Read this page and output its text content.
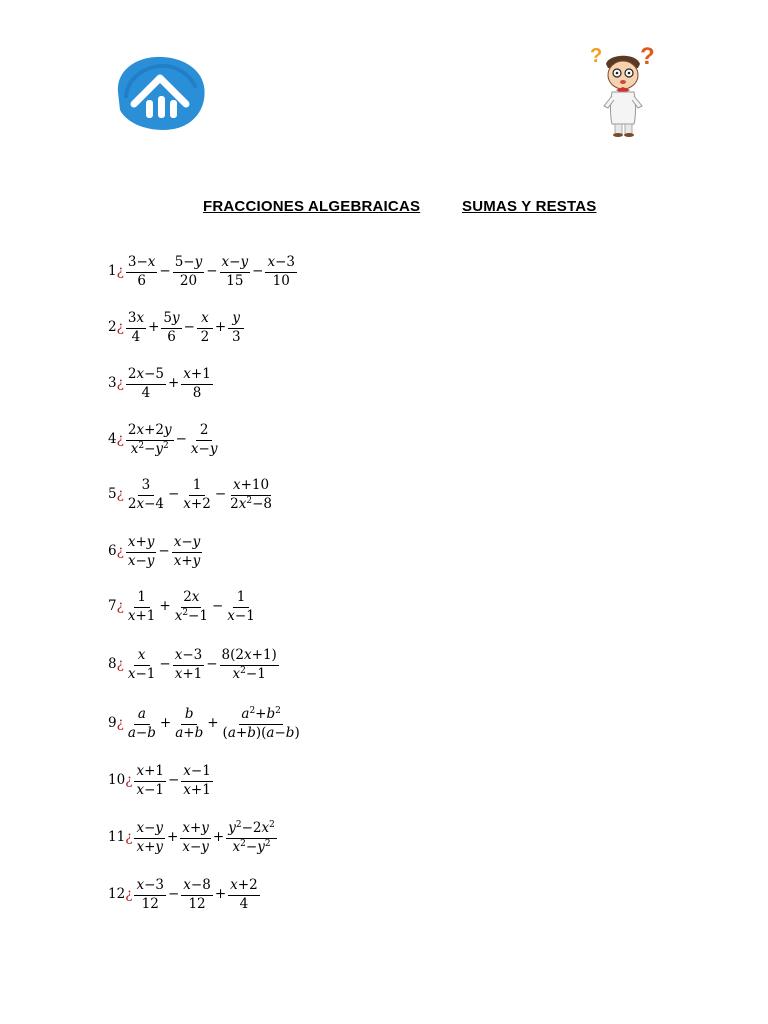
? ?
FRACCIONES ALGEBRAICAS	SUMAS Y RESTAS
1 ¿ $\frac{3-x}{6} - \frac{5-y}{20} - \frac{x-y}{15} - \frac{x-3}{10}$
2 ¿ $\frac{3x}{4} + \frac{5y}{6} - \frac{x}{2} + \frac{y}{3}$
3 ¿ $\frac{2x-5}{4} + \frac{x+1}{8}$
4 ¿ $\frac{2x+2y}{x^2-y^2} - \frac{2}{x-y}$
5 ¿ $\frac{3}{2x-4} - \frac{1}{x+2} - \frac{x+10}{2x^2-8}$
6 ¿ $\frac{x+y}{x-y} - \frac{x-y}{x+y}$
7 ¿ $\frac{1}{x+1} + \frac{2x}{x^2-1} - \frac{1}{x-1}$
8 ¿ $\frac{x}{x-1} - \frac{x-3}{x+1} - \frac{8(2x+1)}{x^2-1}$
9 ¿ $\frac{a}{a-b} + \frac{b}{a+b} + \frac{a^2+b^2}{(a+b)(a-b)}$
10 ¿ $\frac{x+1}{x-1} - \frac{x-1}{x+1}$
11 ¿ $\frac{x-y}{x+y} + \frac{x+y}{x-y} + \frac{y^2-2x^2}{x^2-y^2}$
12 ¿ $\frac{x-3}{12} - \frac{x-8}{12} + \frac{x+2}{4}$
